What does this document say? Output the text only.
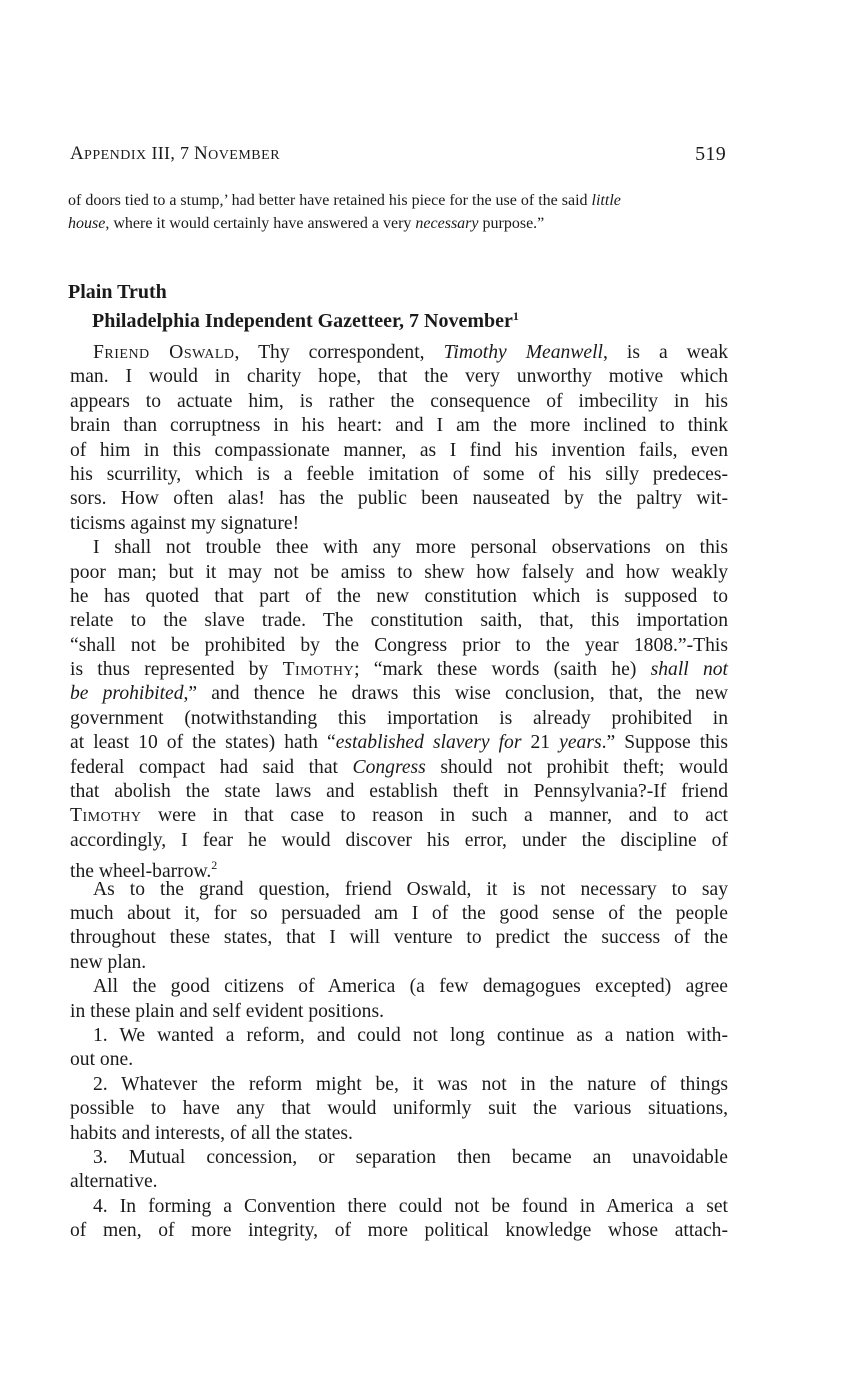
APPENDIX III, 7 NOVEMBER	519
of doors tied to a stump,’ had better have retained his piece for the use of the said little
house, where it would certainly have answered a very necessary purpose.”
Plain Truth
Philadelphia Independent Gazetteer, 7 November$^1$
Friend Oswald, Thy correspondent, Timothy Meanwell, is a weak
man. I would in charity hope, that the very unworthy motive which
appears to actuate him, is rather the consequence of imbecility in his
brain than corruptness in his heart: and I am the more inclined to think
of him in this compassionate manner, as I find his invention fails, even
his scurrility, which is a feeble imitation of some of his silly predeces-
sors. How often alas! has the public been nauseated by the paltry wit-
ticisms against my signature!
I shall not trouble thee with any more personal observations on this
poor man; but it may not be amiss to shew how falsely and how weakly
he has quoted that part of the new constitution which is supposed to
relate to the slave trade. The constitution saith, that, this importation
“shall not be prohibited by the Congress prior to the year 1808.”-This
is thus represented by Timothy; “mark these words (saith he) shall not
be prohibited,” and thence he draws this wise conclusion, that, the new
government (notwithstanding this importation is already prohibited in
at least 10 of the states) hath “established slavery for 21 years.” Suppose this
federal compact had said that Congress should not prohibit theft; would
that abolish the state laws and establish theft in Pennsylvania?-If friend
Timothy were in that case to reason in such a manner, and to act
accordingly, I fear he would discover his error, under the discipline of
the wheel-barrow.$^2$
As to the grand question, friend Oswald, it is not necessary to say
much about it, for so persuaded am I of the good sense of the people
throughout these states, that I will venture to predict the success of the
new plan.
All the good citizens of America (a few demagogues excepted) agree
in these plain and self evident positions.
1. We wanted a reform, and could not long continue as a nation with-
out one.
2. Whatever the reform might be, it was not in the nature of things
possible to have any that would uniformly suit the various situations,
habits and interests, of all the states.
3. Mutual concession, or separation then became an unavoidable
alternative.
4. In forming a Convention there could not be found in America a set
of men, of more integrity, of more political knowledge whose attach-
